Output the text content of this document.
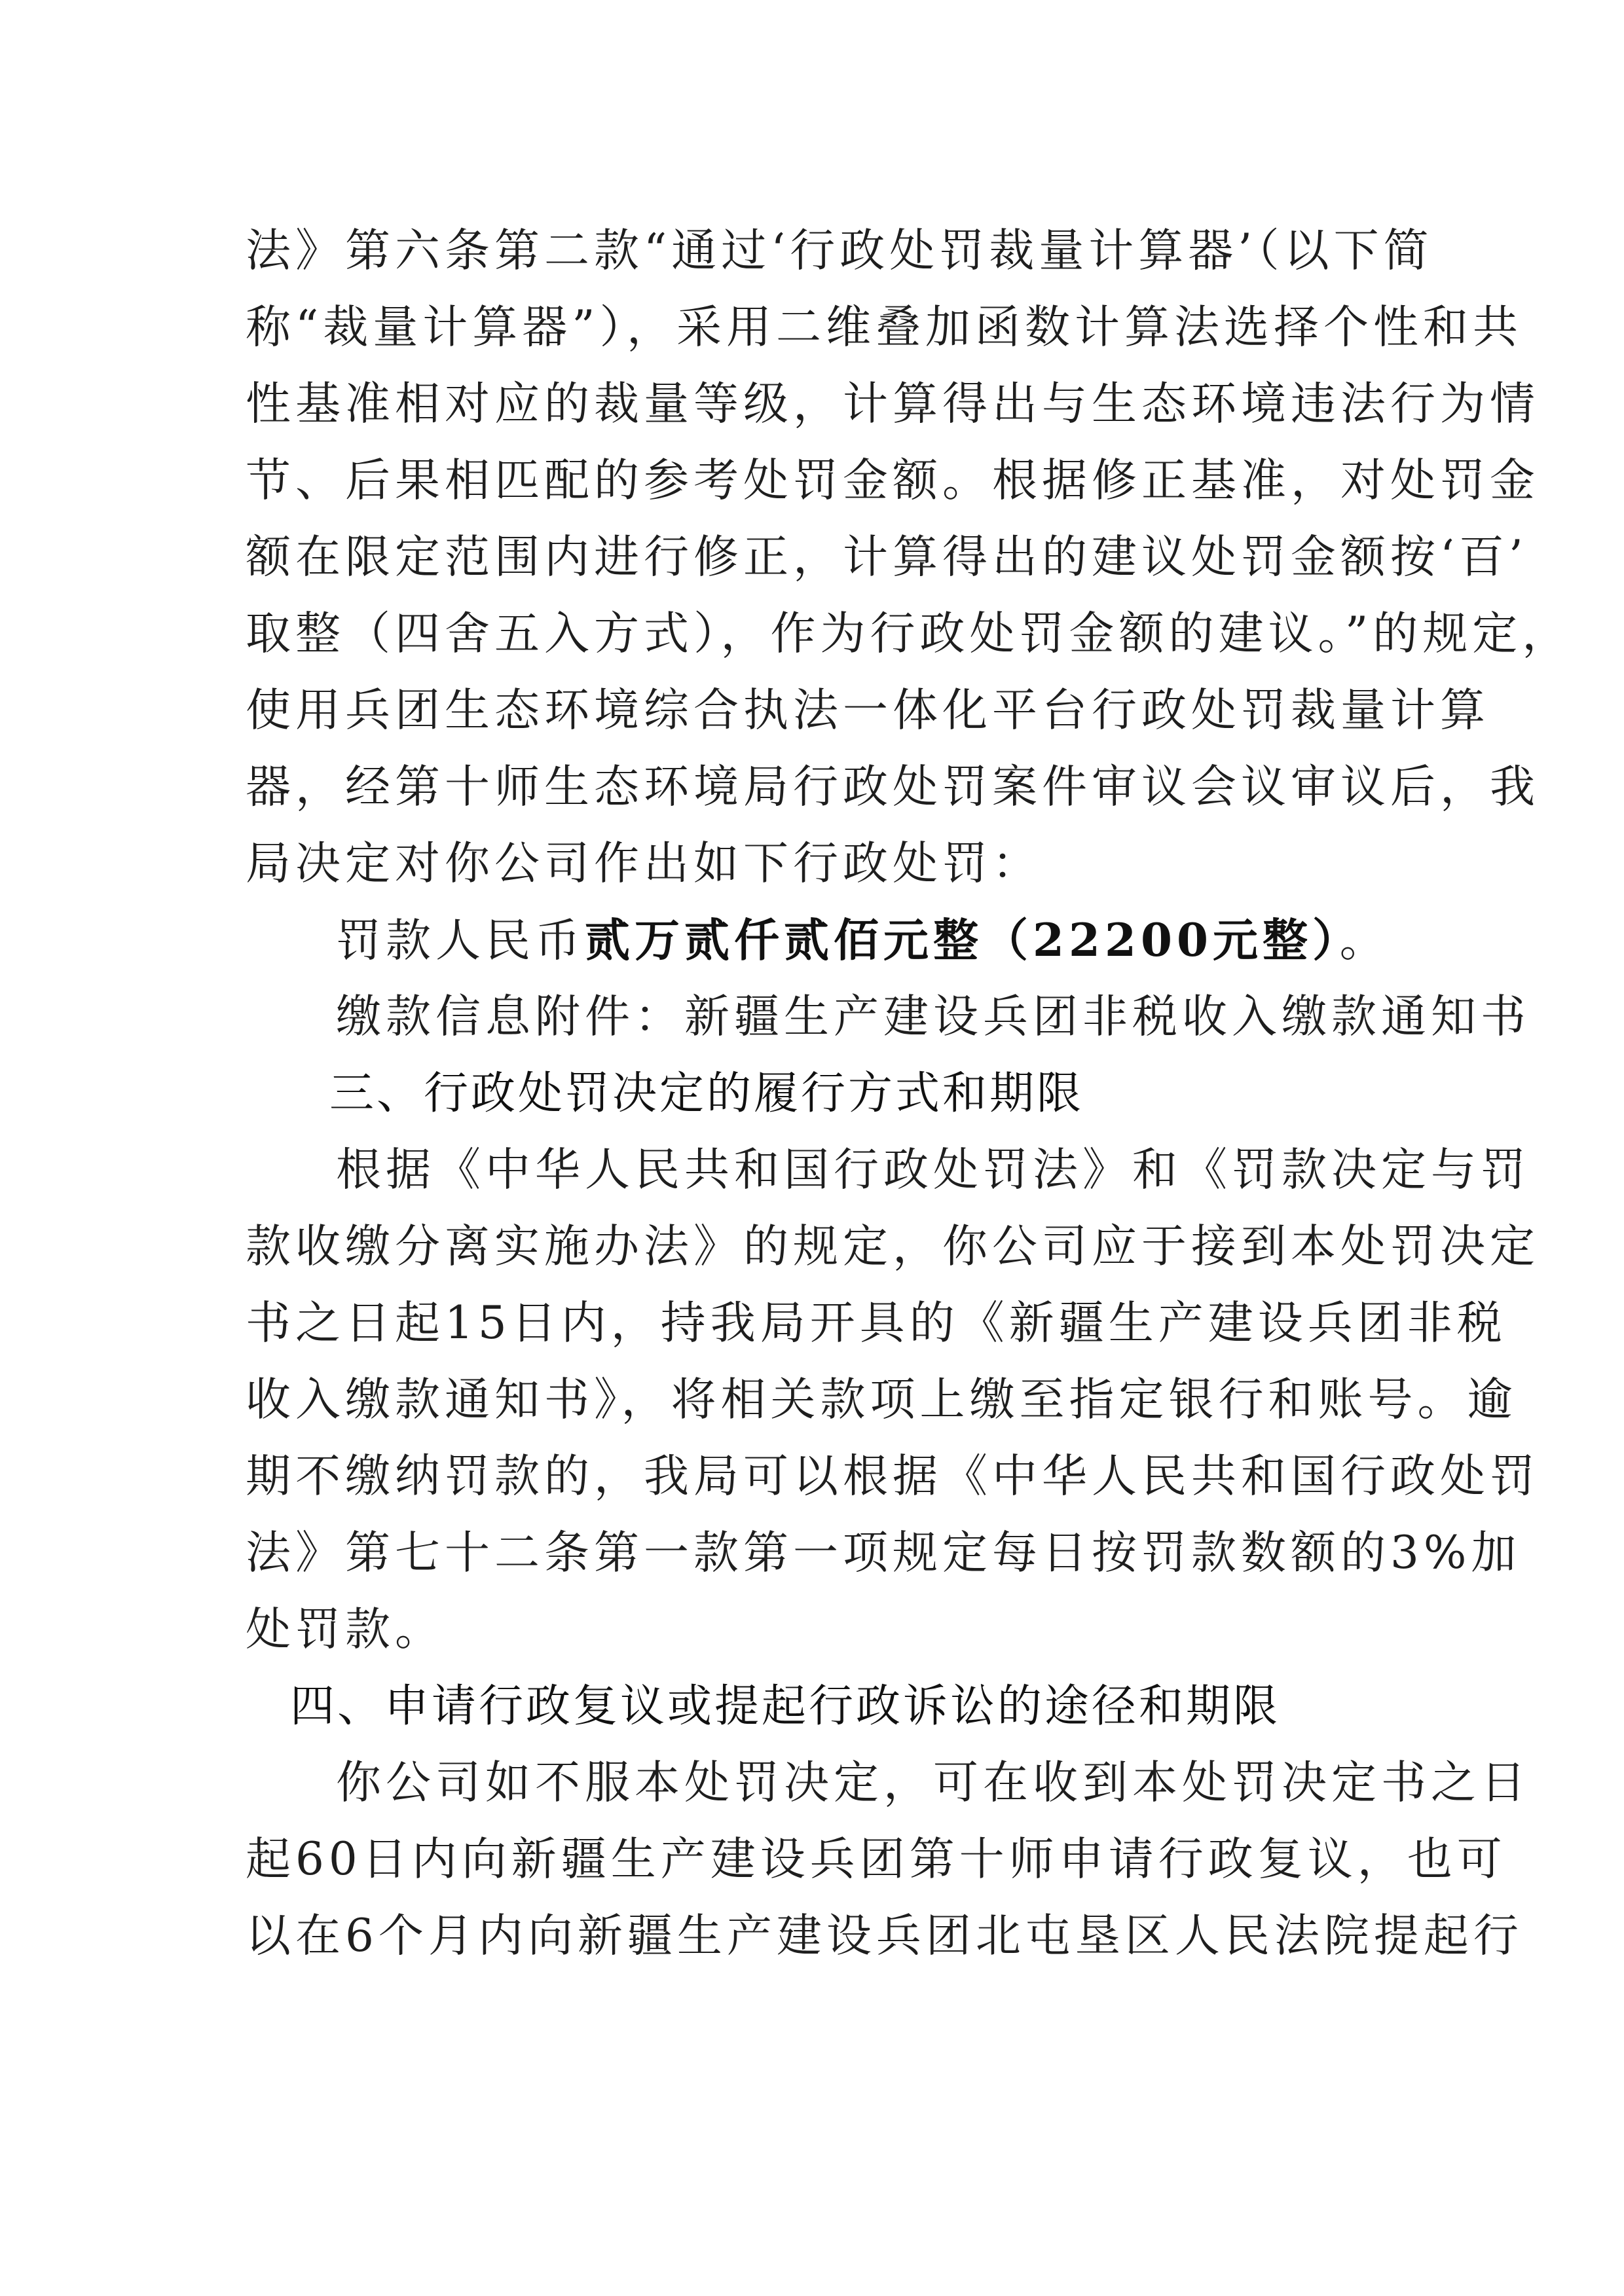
法》第六条第二款“通过‘行政处罚裁量计算器’（以下简
称“裁量计算器”），采用二维叠加函数计算法选择个性和共
性基准相对应的裁量等级，计算得出与生态环境违法行为情
节、后果相匹配的参考处罚金额。根据修正基准，对处罚金
额在限定范围内进行修正，计算得出的建议处罚金额按‘百’
取整（四舍五入方式），作为行政处罚金额的建议。”的规定，
使用兵团生态环境综合执法一体化平台行政处罚裁量计算
器，经第十师生态环境局行政处罚案件审议会议审议后，我
局决定对你公司作出如下行政处罚：
罚款人民币贰万贰仟贰佰元整（22200元整）。
缴款信息附件：新疆生产建设兵团非税收入缴款通知书
三、行政处罚决定的履行方式和期限
根据《中华人民共和国行政处罚法》和《罚款决定与罚
款收缴分离实施办法》的规定，你公司应于接到本处罚决定
书之日起15日内，持我局开具的《新疆生产建设兵团非税
收入缴款通知书》，将相关款项上缴至指定银行和账号。逾
期不缴纳罚款的，我局可以根据《中华人民共和国行政处罚
法》第七十二条第一款第一项规定每日按罚款数额的3%加
处罚款。
四、申请行政复议或提起行政诉讼的途径和期限
你公司如不服本处罚决定，可在收到本处罚决定书之日
起60日内向新疆生产建设兵团第十师申请行政复议，也可
以在6个月内向新疆生产建设兵团北屯垦区人民法院提起行
